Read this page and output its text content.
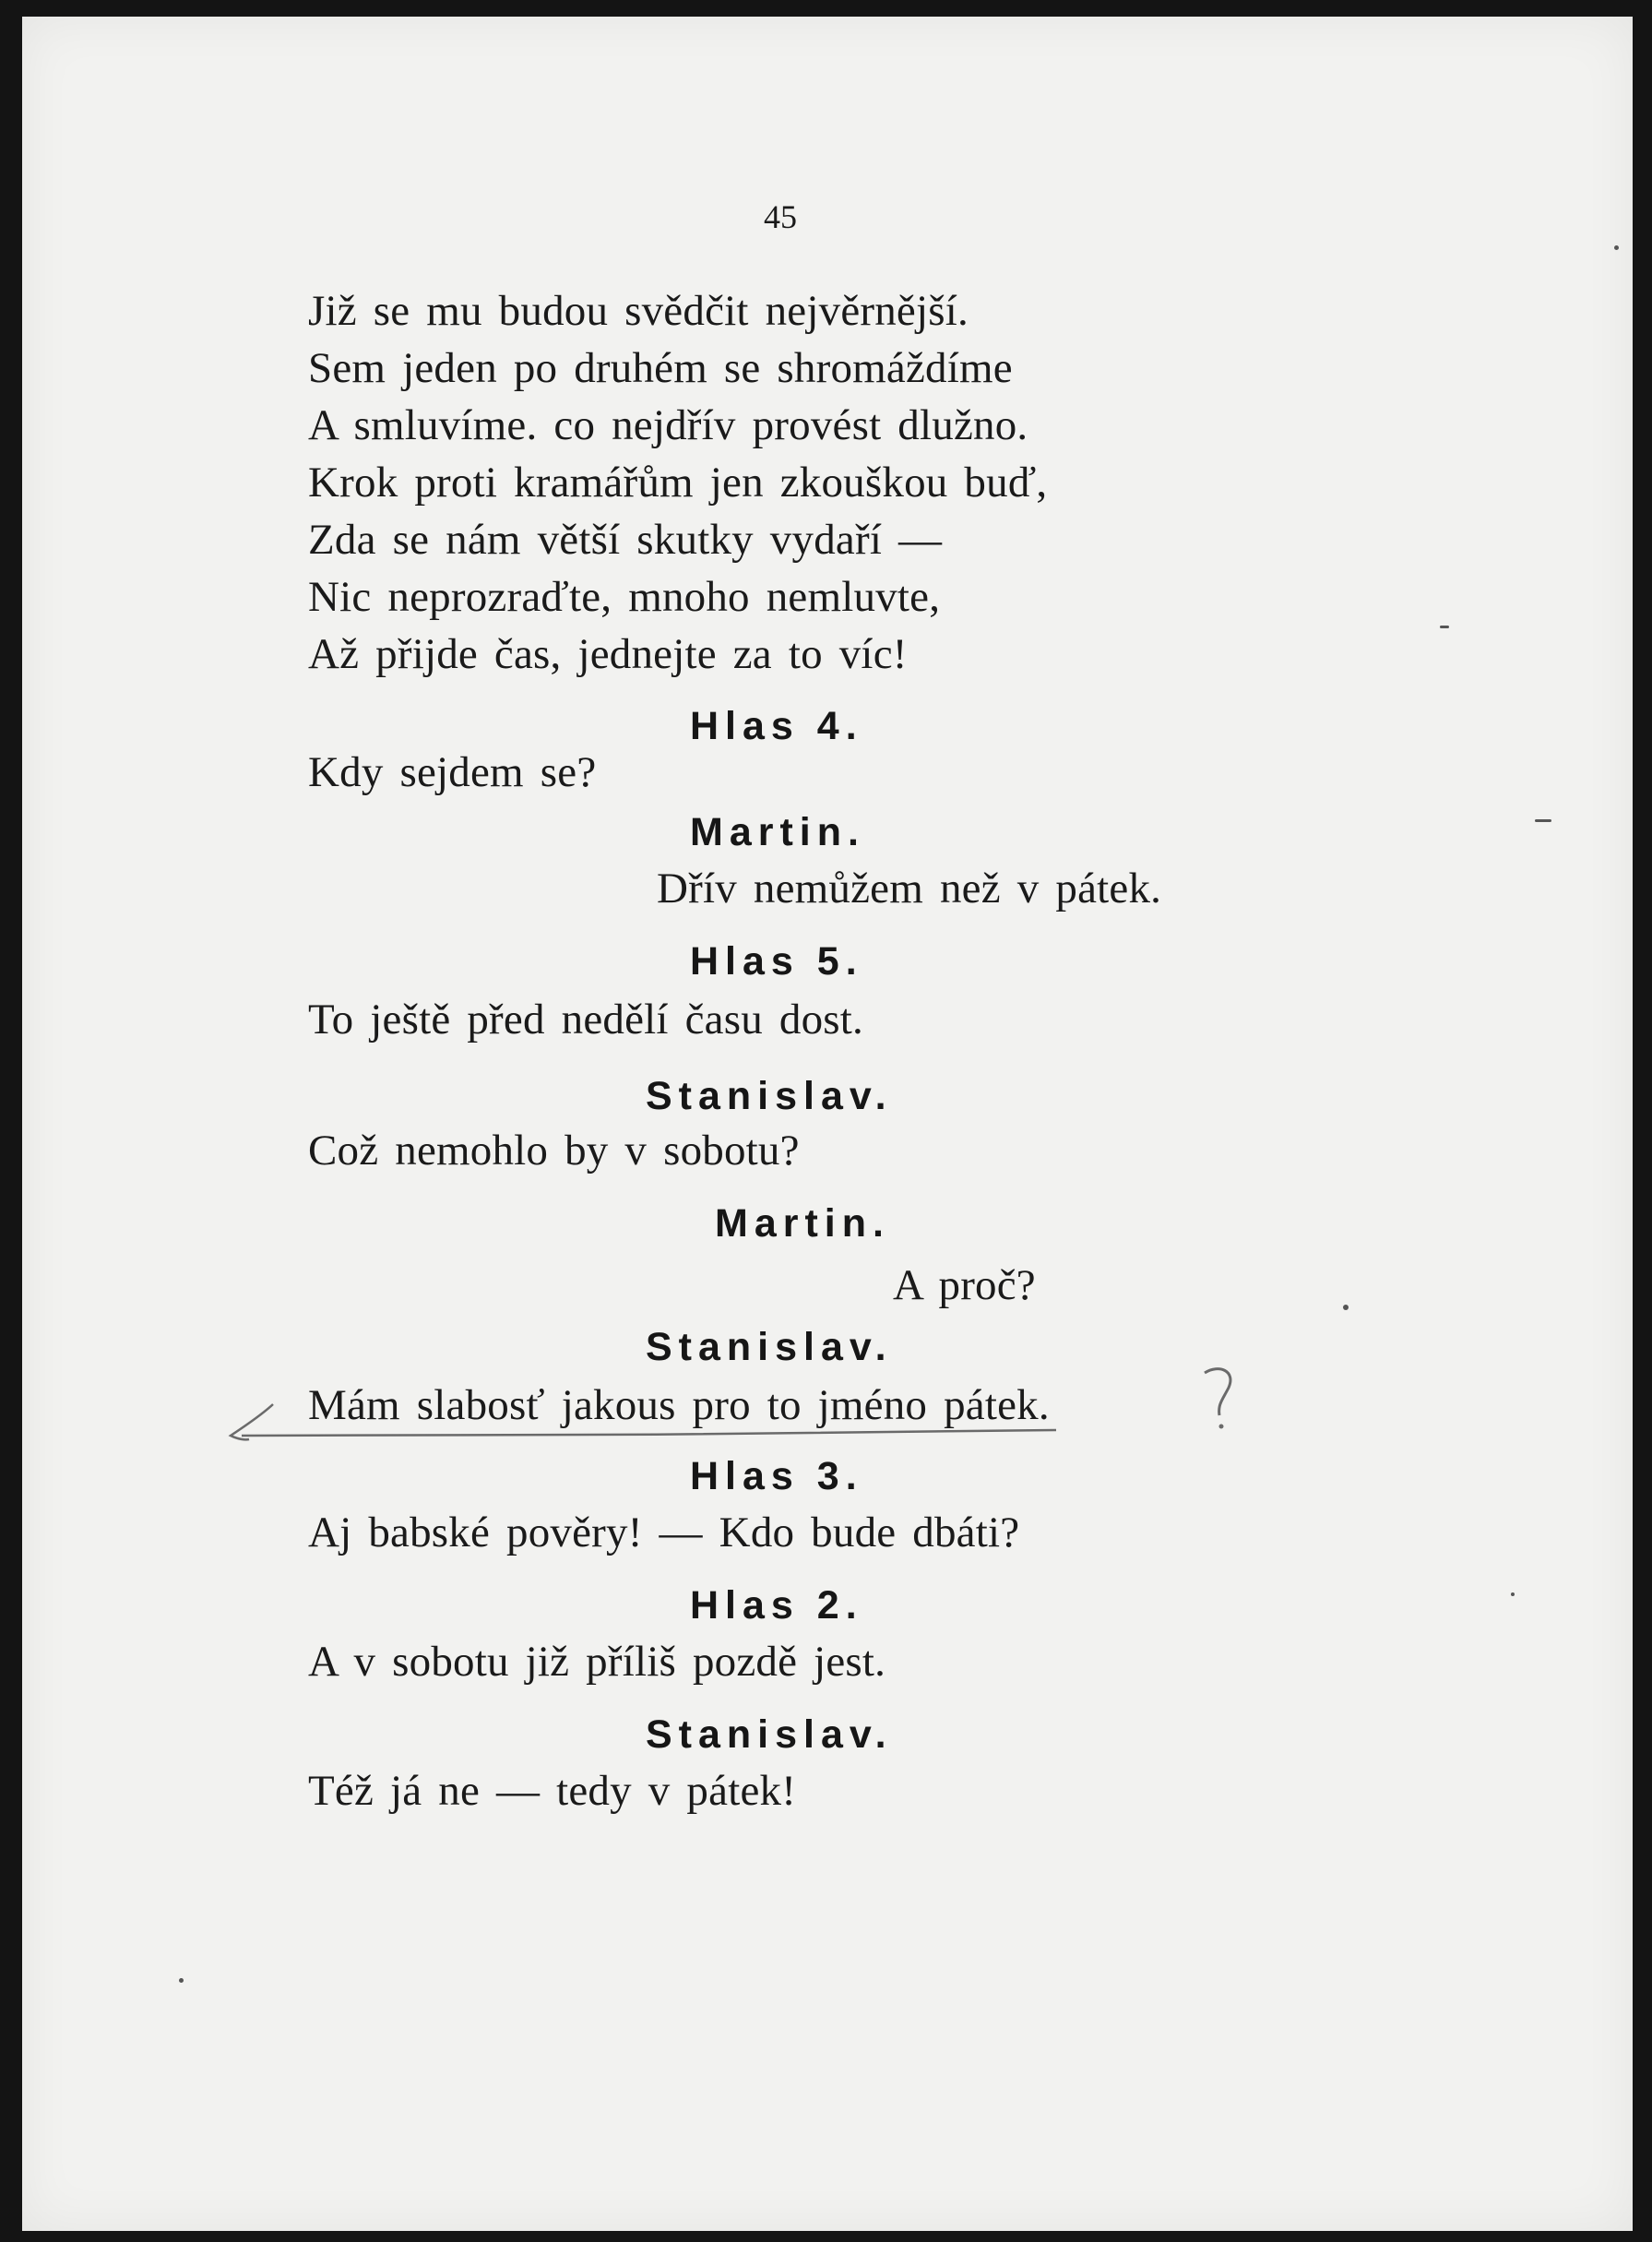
45
Již se mu budou svědčit nejvěrnější.
Sem jeden po druhém se shromáždíme
A smluvíme. co nejdřív provést dlužno.
Krok proti kramářům jen zkouškou buď,
Zda se nám větší skutky vydaří —
Nic neprozraďte, mnoho nemluvte,
Až přijde čas, jednejte za to víc!
Hlas 4.
Kdy sejdem se?
Martin.
Dřív nemůžem než v pátek.
Hlas 5.
To ještě před nedělí času dost.
Stanislav.
Což nemohlo by v sobotu?
Martin.
A proč?
Stanislav.
Mám slabosť jakous pro to jméno pátek.
Hlas 3.
Aj babské pověry! — Kdo bude dbáti?
Hlas 2.
A v sobotu již příliš pozdě jest.
Stanislav.
Též já ne — tedy v pátek!
